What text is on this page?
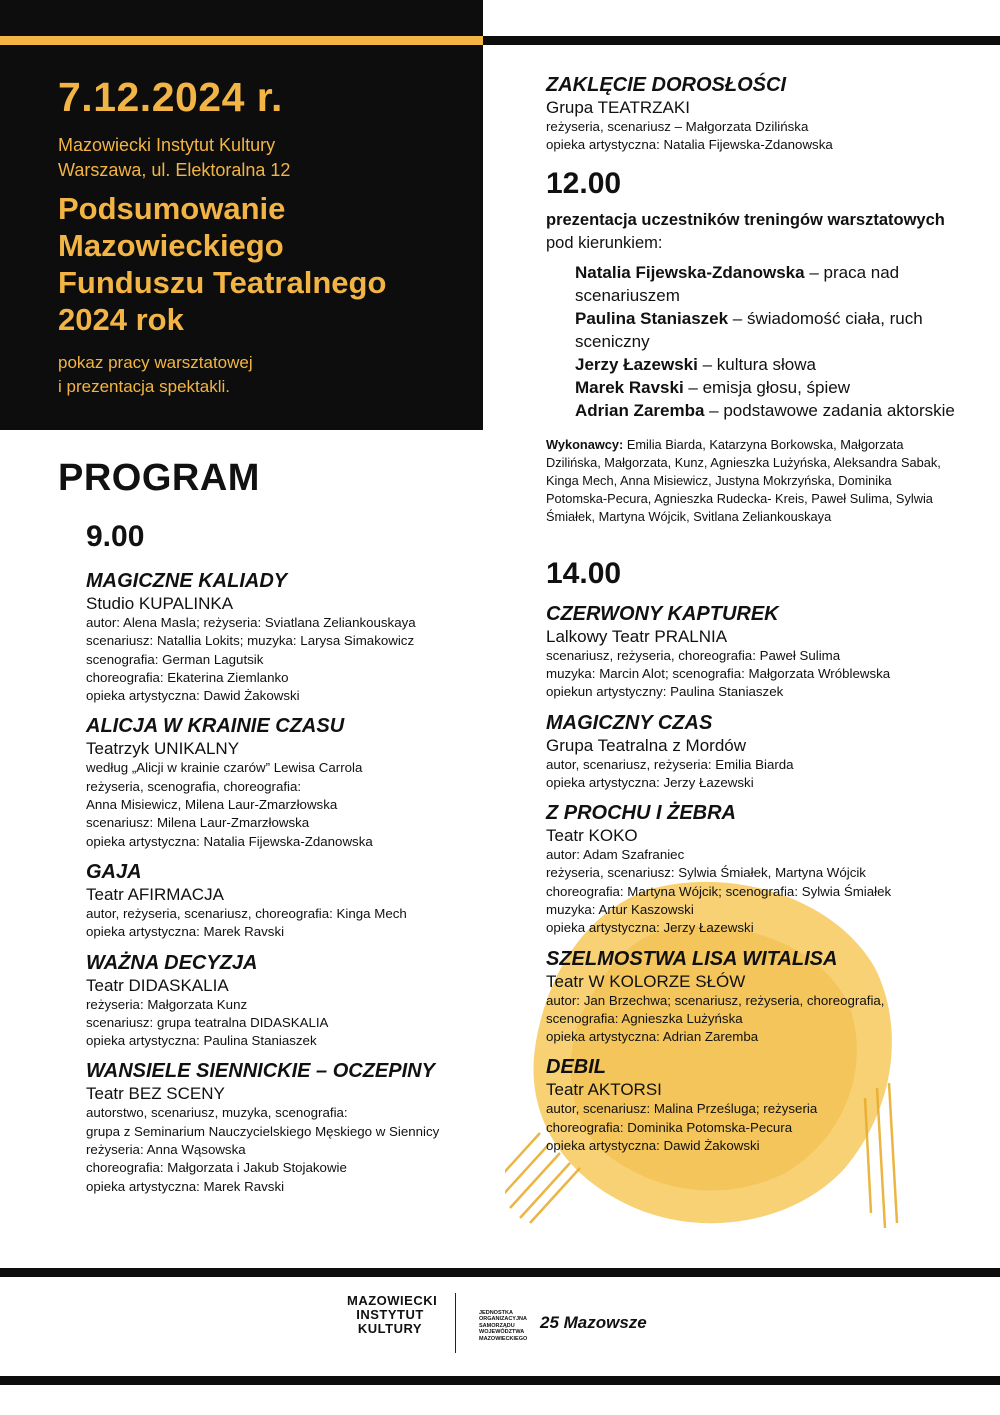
7.12.2024 r.
Mazowiecki Instytut Kultury
Warszawa, ul. Elektoralna 12
Podsumowanie
Mazowieckiego
Funduszu Teatralnego
2024 rok
pokaz pracy warsztatowej
i prezentacja spektakli.
PROGRAM
9.00
MAGICZNE KALIADY
Studio KUPALINKA
autor: Alena Masla; reżyseria: Sviatlana Zeliankouskaya
scenariusz: Natallia Lokits; muzyka: Larysa Simakowicz
scenografia: German Lagutsik
choreografia: Ekaterina Ziemlanko
opieka artystyczna: Dawid Żakowski
ALICJA W KRAINIE CZASU
Teatrzyk UNIKALNY
według „Alicji w krainie czarów” Lewisa Carrola
reżyseria, scenografia, choreografia:
Anna Misiewicz, Milena Laur-Zmarzłowska
scenariusz: Milena Laur-Zmarzłowska
opieka artystyczna: Natalia Fijewska-Zdanowska
GAJA
Teatr AFIRMACJA
autor, reżyseria, scenariusz, choreografia: Kinga Mech
opieka artystyczna: Marek Ravski
WAŻNA DECYZJA
Teatr DIDASKALIA
reżyseria: Małgorzata Kunz
scenariusz: grupa teatralna DIDASKALIA
opieka artystyczna: Paulina Staniaszek
WANSIELE SIENNICKIE – OCZEPINY
Teatr BEZ SCENY
autorstwo, scenariusz, muzyka, scenografia:
grupa z Seminarium Nauczycielskiego Męskiego w Siennicy
reżyseria: Anna Wąsowska
choreografia: Małgorzata i Jakub Stojakowie
opieka artystyczna: Marek Ravski
ZAKLĘCIE DOROSŁOŚCI
Grupa TEATRZAKI
reżyseria, scenariusz – Małgorzata Dzilińska
opieka artystyczna: Natalia Fijewska-Zdanowska
12.00
prezentacja uczestników treningów warsztatowych pod kierunkiem:
Natalia Fijewska-Zdanowska – praca nad scenariuszem
Paulina Staniaszek – świadomość ciała, ruch sceniczny
Jerzy Łazewski – kultura słowa
Marek Ravski – emisja głosu, śpiew
Adrian Zaremba – podstawowe zadania aktorskie
Wykonawcy: Emilia Biarda, Katarzyna Borkowska, Małgorzata Dzilińska, Małgorzata, Kunz, Agnieszka Lużyńska, Aleksandra Sabak, Kinga Mech, Anna Misiewicz, Justyna Mokrzyńska, Dominika Potomska-Pecura, Agnieszka Rudecka- Kreis, Paweł Sulima, Sylwia Śmiałek, Martyna Wójcik, Svitlana Zeliankouskaya
14.00
CZERWONY KAPTUREK
Lalkowy Teatr PRALNIA
scenariusz, reżyseria, choreografia: Paweł Sulima
muzyka: Marcin Alot; scenografia: Małgorzata Wróblewska
opiekun artystyczny: Paulina Staniaszek
MAGICZNY CZAS
Grupa Teatralna z Mordów
autor, scenariusz, reżyseria: Emilia Biarda
opieka artystyczna: Jerzy Łazewski
Z PROCHU I ŻEBRA
Teatr KOKO
autor: Adam Szafraniec
reżyseria, scenariusz: Sylwia Śmiałek, Martyna Wójcik
choreografia: Martyna Wójcik; scenografia: Sylwia Śmiałek
muzyka: Artur Kaszowski
opieka artystyczna: Jerzy Łazewski
SZELMOSTWA LISA WITALISA
Teatr W KOLORZE SŁÓW
autor: Jan Brzechwa; scenariusz, reżyseria, choreografia,
scenografia: Agnieszka Lużyńska
opieka artystyczna: Adrian Zaremba
DEBIL
Teatr AKTORSI
autor, scenariusz: Malina Prześluga; reżyseria
choreografia: Dominika Potomska-Pecura
opieka artystyczna: Dawid Żakowski
MAZOWIECKI
INSTYTUT
KULTURY
JEDNOSTKA
ORGANIZACYJNA
SAMORZĄDU
WOJEWÓDZTWA
MAZOWIECKIEGO
25 Mazowsze
